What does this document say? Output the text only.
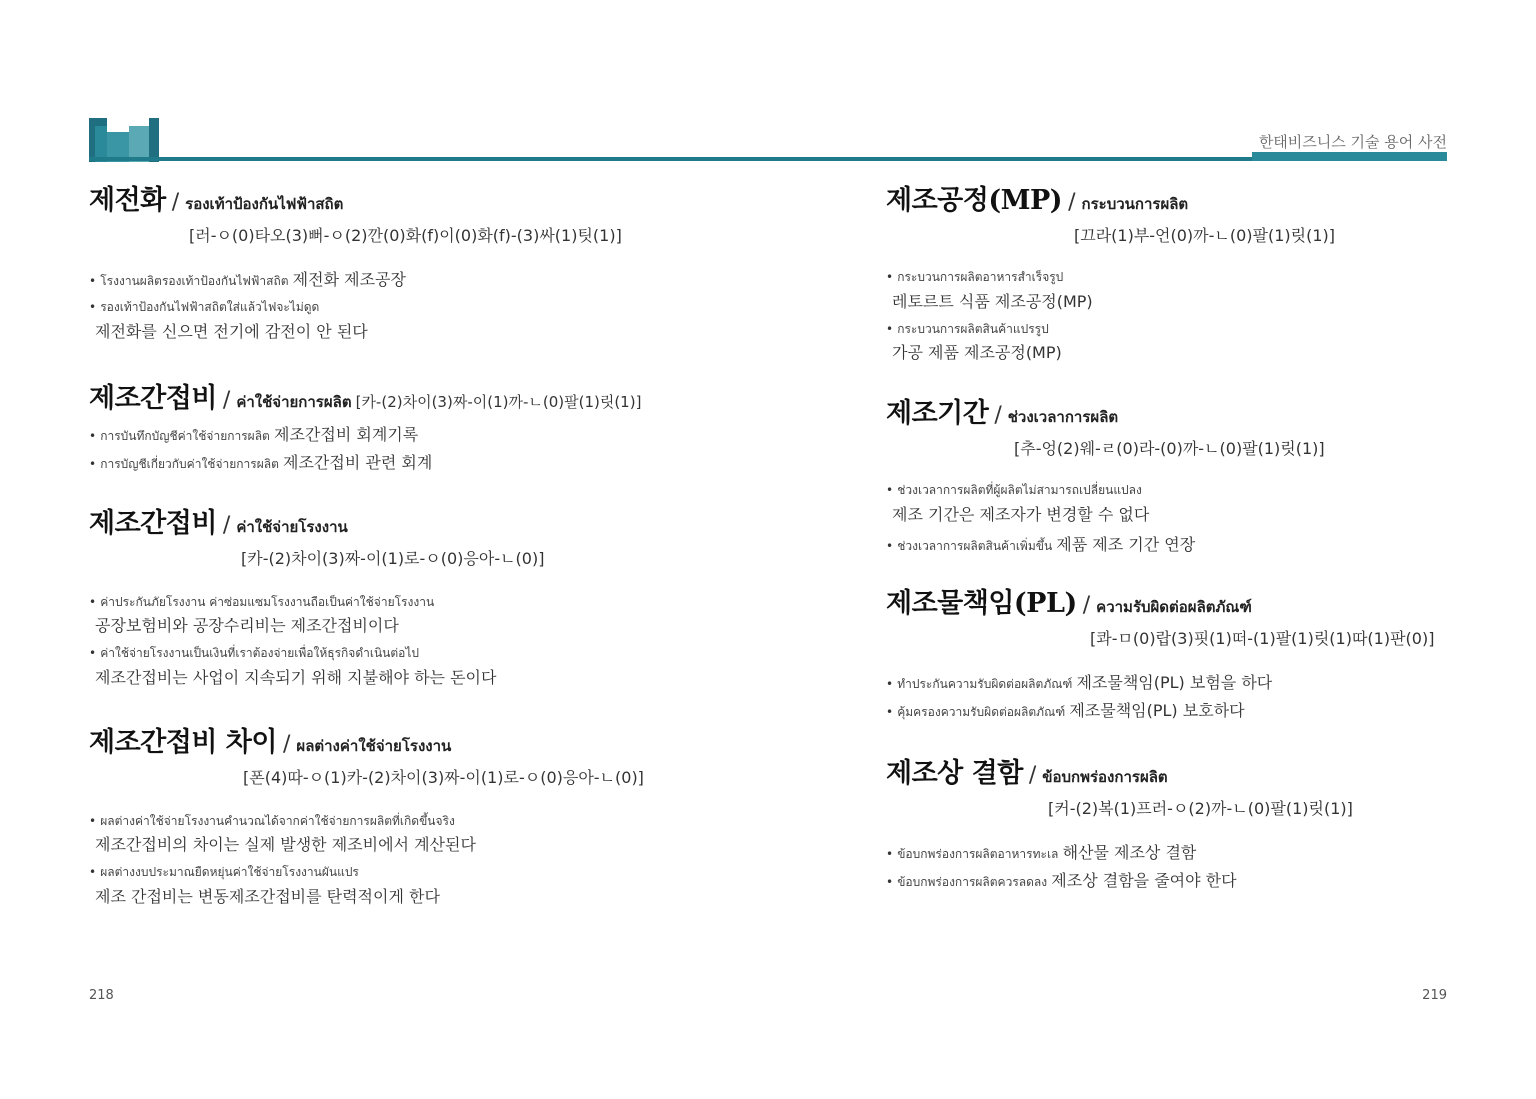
한태비즈니스 기술 용어 사전
제전화 / รองเท้าป้องกันไฟฟ้าสถิต
[러-ㅇ(0)타오(3)뻐-ㅇ(2)깐(0)화(f)이(0)화(f)-(3)싸(1)팃(1)]
• โรงงานผลิตรองเท้าป้องกันไฟฟ้าสถิต 제전화 제조공장
• รองเท้าป้องกันไฟฟ้าสถิตใส่แล้วไฟจะไม่ดูด
제전화를 신으면 전기에 감전이 안 된다
제조간접비 / ค่าใช้จ่ายการผลิต [카-(2)차이(3)짜-이(1)까-ㄴ(0)팔(1)릿(1)]
• การบันทึกบัญชีค่าใช้จ่ายการผลิต 제조간접비 회계기록
• การบัญชีเกี่ยวกับค่าใช้จ่ายการผลิต 제조간접비 관련 회계
제조간접비 / ค่าใช้จ่ายโรงงาน
[카-(2)차이(3)짜-이(1)로-ㅇ(0)응아-ㄴ(0)]
• ค่าประกันภัยโรงงาน ค่าซ่อมแซมโรงงานถือเป็นค่าใช้จ่ายโรงงาน
공장보험비와 공장수리비는 제조간접비이다
• ค่าใช้จ่ายโรงงานเป็นเงินที่เราต้องจ่ายเพื่อให้ธุรกิจดำเนินต่อไป
제조간접비는 사업이 지속되기 위해 지불해야 하는 돈이다
제조간접비 차이 / ผลต่างค่าใช้จ่ายโรงงาน
[폰(4)따-ㅇ(1)카-(2)차이(3)짜-이(1)로-ㅇ(0)응아-ㄴ(0)]
• ผลต่างค่าใช้จ่ายโรงงานคำนวณได้จากค่าใช้จ่ายการผลิตที่เกิดขึ้นจริง
제조간접비의 차이는 실제 발생한 제조비에서 계산된다
• ผลต่างงบประมาณยืดหยุ่นค่าใช้จ่ายโรงงานผันแปร
제조 간접비는 변동제조간접비를 탄력적이게 한다
제조공정(MP) / กระบวนการผลิต
[끄라(1)부-언(0)까-ㄴ(0)팔(1)릿(1)]
• กระบวนการผลิตอาหารสำเร็จรูป
레토르트 식품 제조공정(MP)
• กระบวนการผลิตสินค้าแปรรูป
가공 제품 제조공정(MP)
제조기간 / ช่วงเวลาการผลิต
[추-엉(2)웨-ㄹ(0)라-(0)까-ㄴ(0)팔(1)릿(1)]
• ช่วงเวลาการผลิตที่ผู้ผลิตไม่สามารถเปลี่ยนแปลง
제조 기간은 제조자가 변경할 수 없다
• ช่วงเวลาการผลิตสินค้าเพิ่มขึ้น 제품 제조 기간 연장
제조물책임(PL) / ความรับผิดต่อผลิตภัณฑ์
[콰-ㅁ(0)랍(3)핏(1)떠-(1)팔(1)릿(1)따(1)판(0)]
• ทำประกันความรับผิดต่อผลิตภัณฑ์ 제조물책임(PL) 보험을 하다
• คุ้มครองความรับผิดต่อผลิตภัณฑ์ 제조물책임(PL) 보호하다
제조상 결함 / ข้อบกพร่องการผลิต
[커-(2)복(1)프러-ㅇ(2)까-ㄴ(0)팔(1)릿(1)]
• ข้อบกพร่องการผลิตอาหารทะเล 해산물 제조상 결함
• ข้อบกพร่องการผลิตควรลดลง 제조상 결함을 줄여야 한다
218	219
